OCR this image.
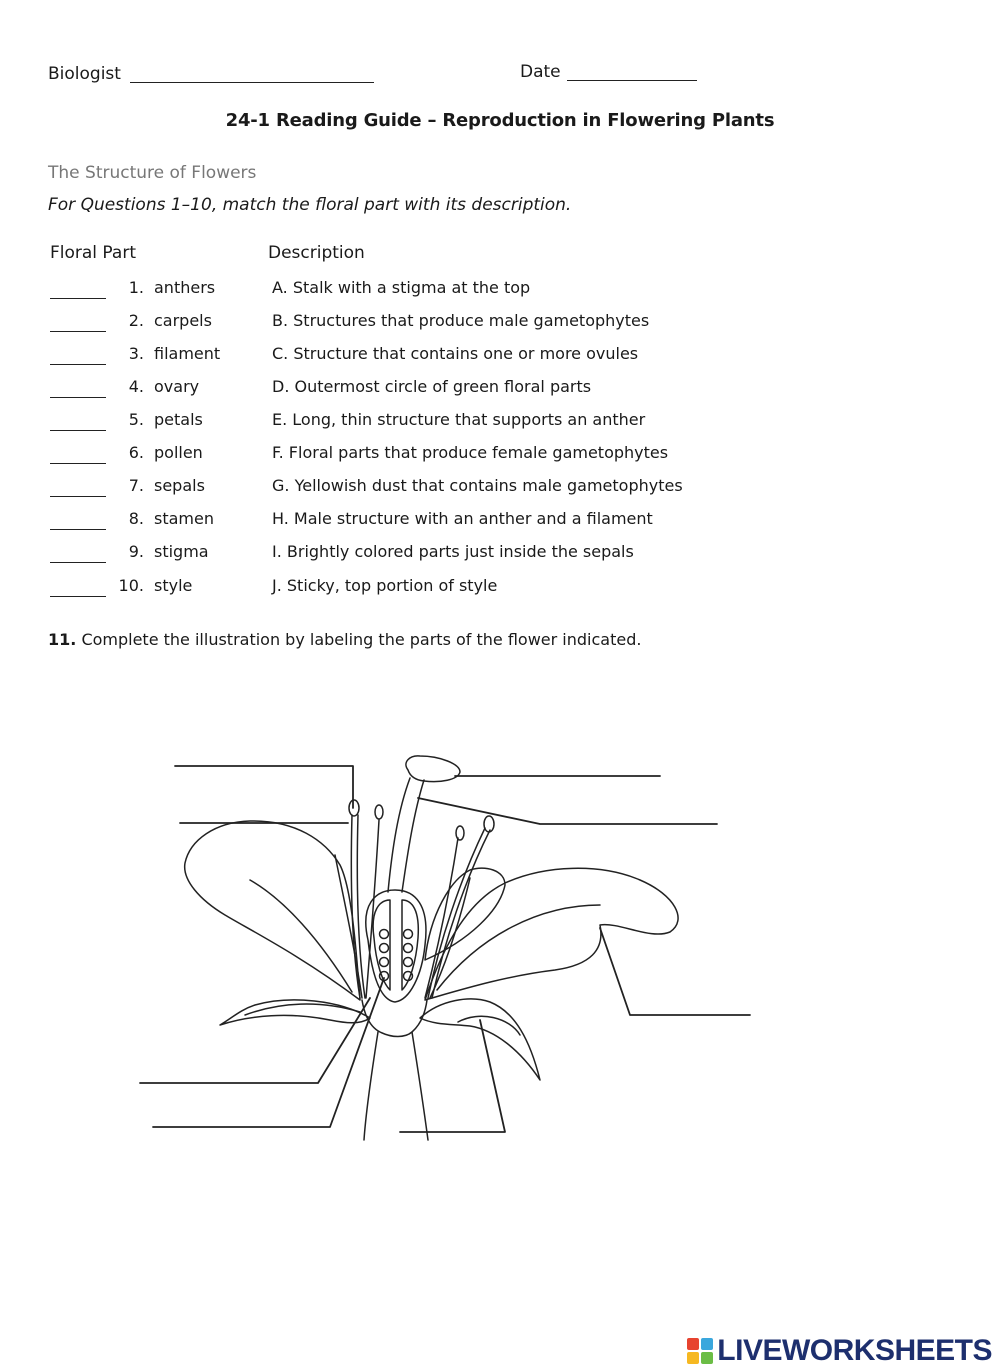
Biologist	Date
24-1 Reading Guide – Reproduction in Flowering Plants
The Structure of Flowers
For Questions 1–10, match the floral part with its description.
Floral Part	Description
1. anthers	A. Stalk with a stigma at the top
2. carpels	B. Structures that produce male gametophytes
3. filament	C. Structure that contains one or more ovules
4. ovary	D. Outermost circle of green floral parts
5. petals	E. Long, thin structure that supports an anther
6. pollen	F. Floral parts that produce female gametophytes
7. sepals	G. Yellowish dust that contains male gametophytes
8. stamen	H. Male structure with an anther and a filament
9. stigma	I. Brightly colored parts just inside the sepals
10. style	J. Sticky, top portion of style
11. Complete the illustration by labeling the parts of the flower indicated.
LIVEWORKSHEETS
